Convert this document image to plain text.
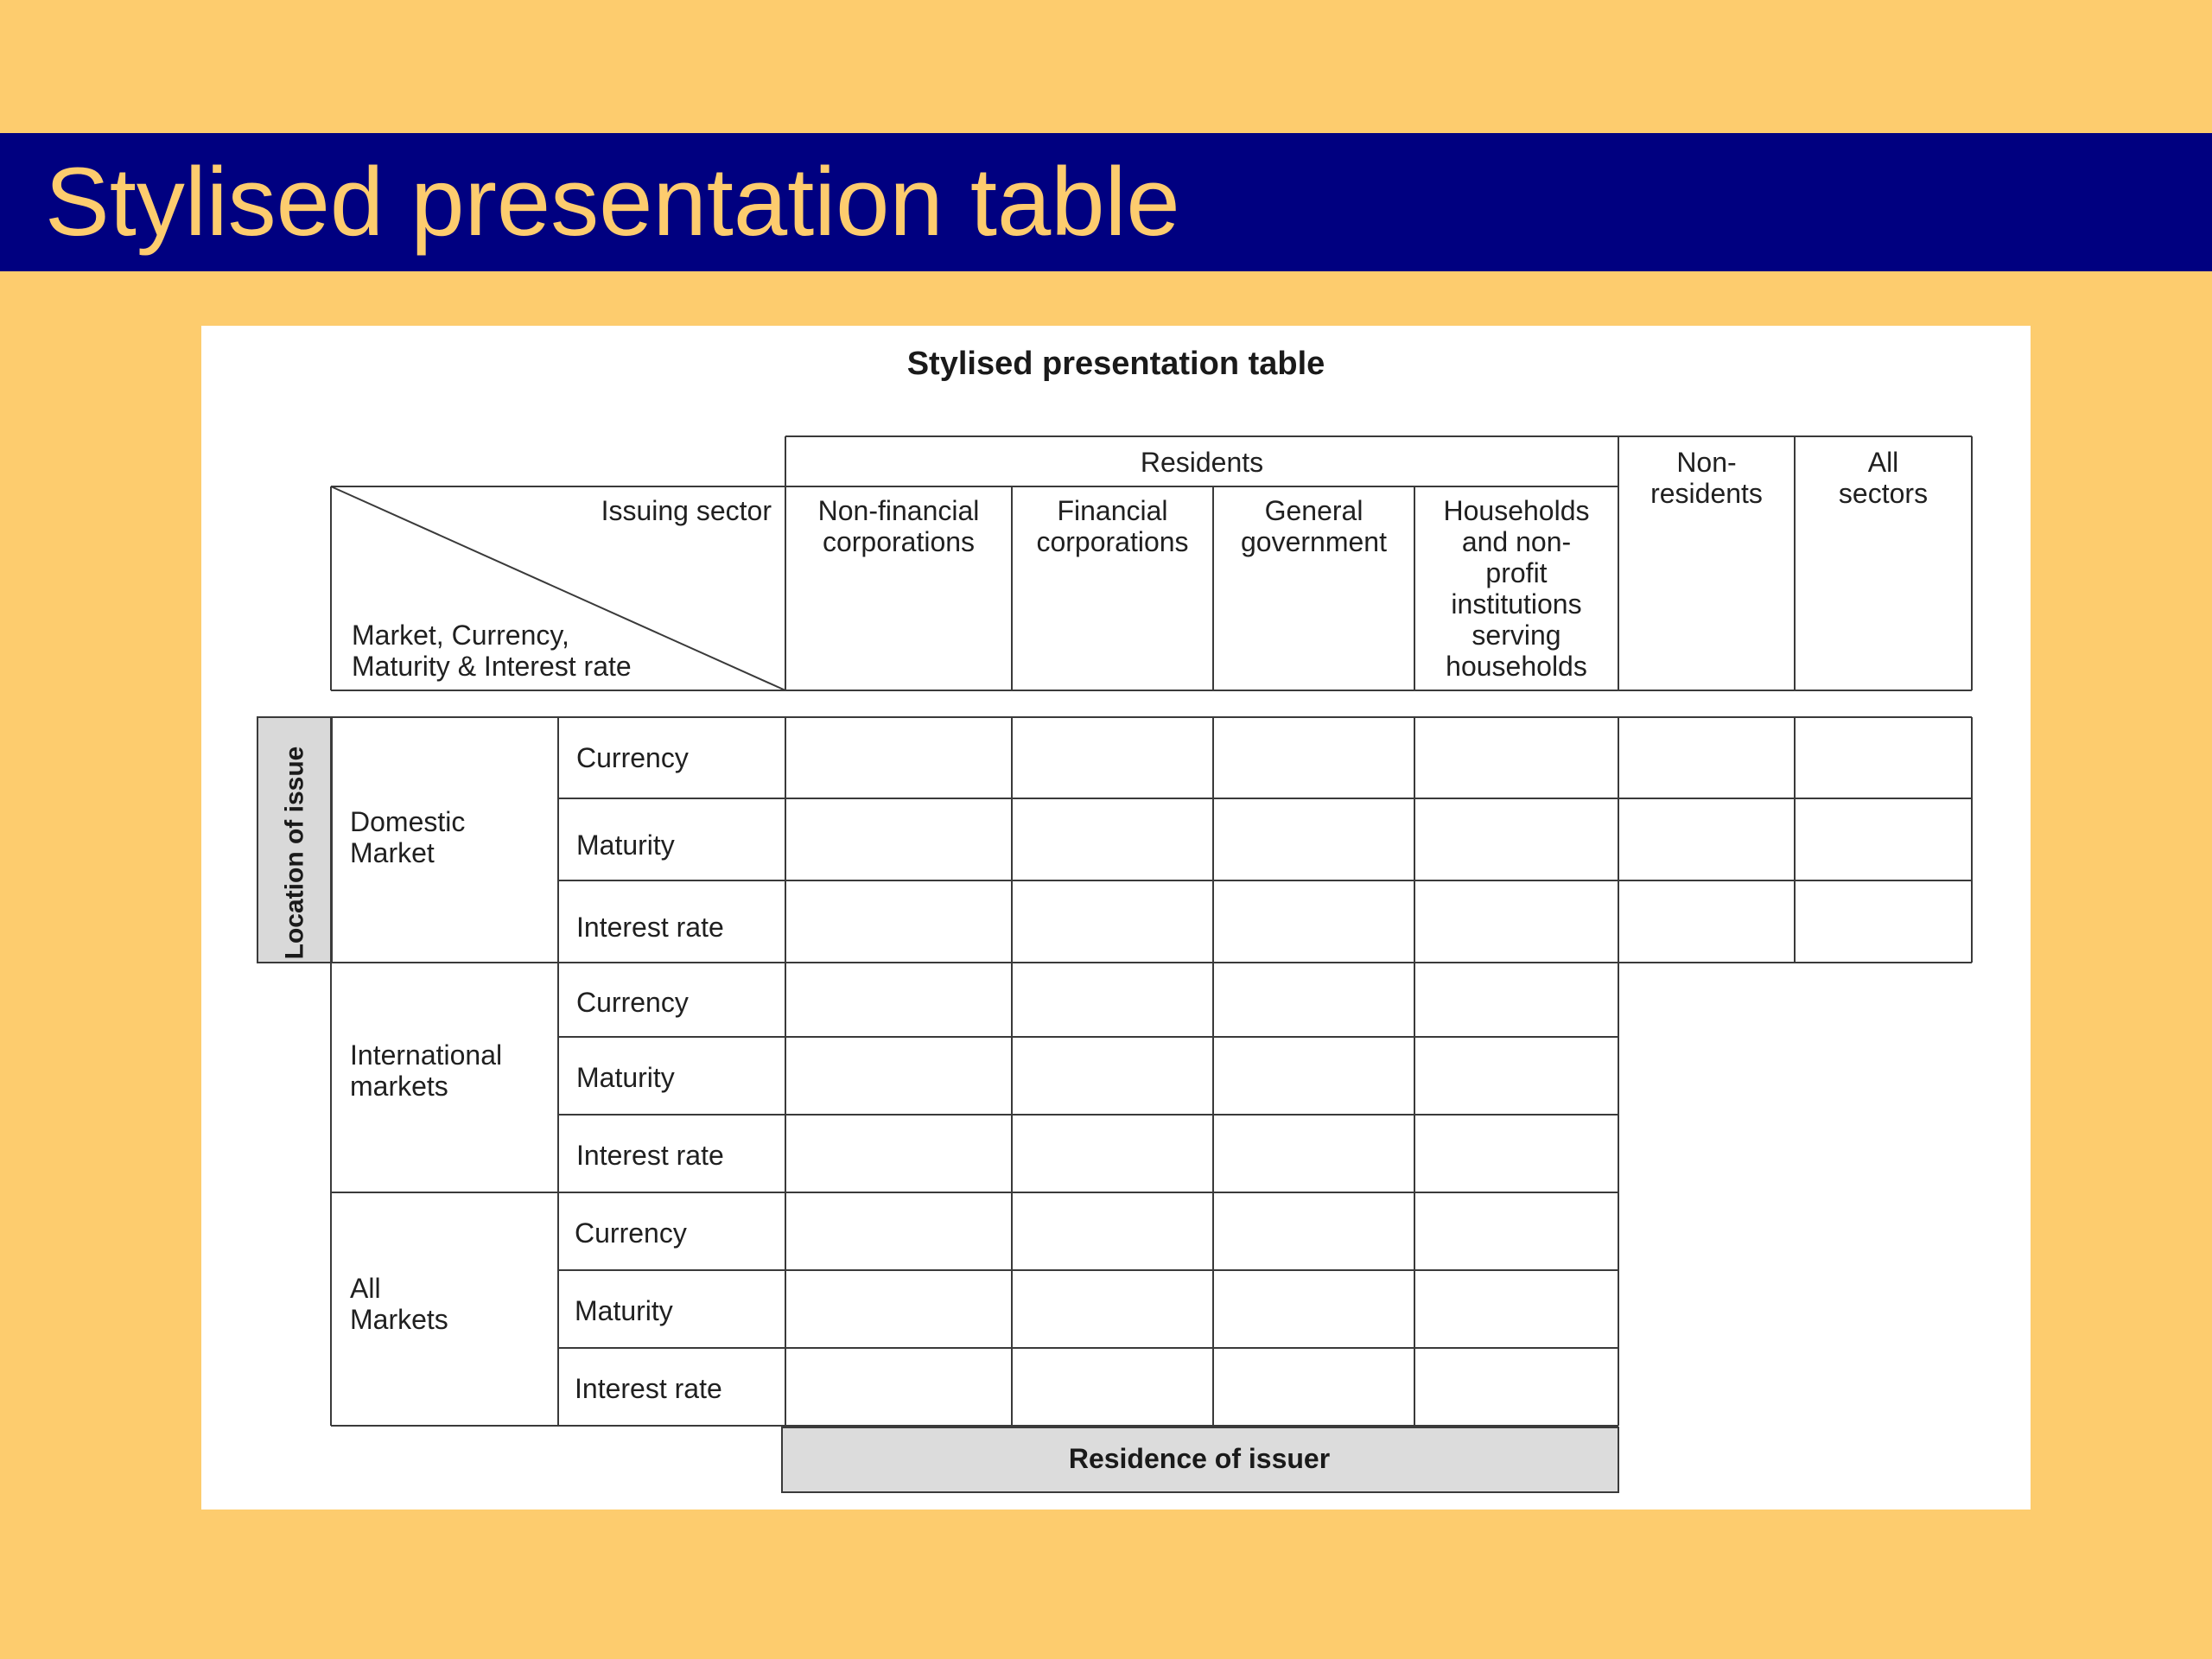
Stylised presentation table
Stylised presentation table
Residents
Issuing sector
Market, Currency,
Maturity & Interest rate
Non-financial
corporations
Financial
corporations
General
government
Households
and non-
profit
institutions
serving
households
Non-
residents
All
sectors
Location of issue Domestic
Market
International
markets
All
Markets
Currency
Maturity
Interest rate
Currency
Maturity
Interest rate
Currency
Maturity
Interest rate
Residence of issuer
